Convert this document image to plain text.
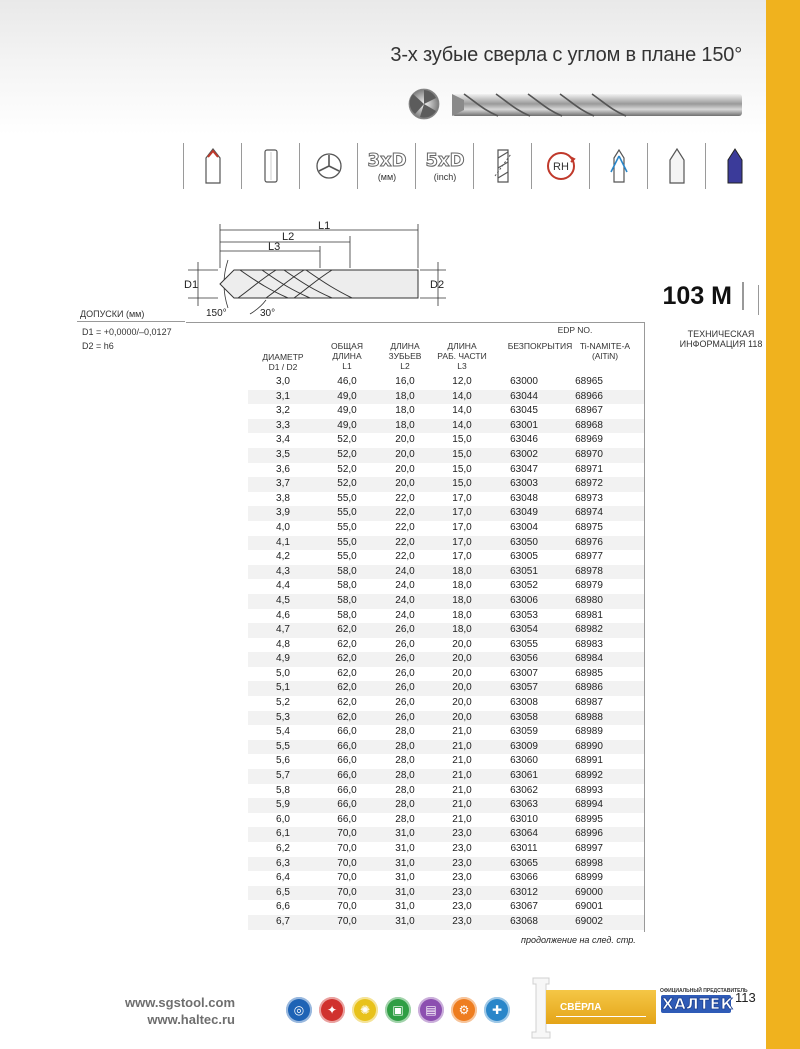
3-х зубые сверла с углом в плане 150°
3xD
(мм)
5xD
(inch)
RH
L1
L2
L3
D1	D2
150°	30°
103 M
ДОПУСКИ (мм)
D1 = +0,0000/–0,0127
D2 = h6
ТЕХНИЧЕСКАЯ
ИНФОРМАЦИЯ 118
ДИАМЕТР
D1 / D2
ОБЩАЯ
ДЛИНА
L1
ДЛИНА
ЗУБЬЕВ
L2
ДЛИНА
РАБ. ЧАСТИ
L3
EDP NO.
БЕЗПОКРЫТИЯ Ti-NAMITE-A
(AlTiN)
3,0	46,0	16,0	12,0	63000	68965
3,1	49,0	18,0	14,0	63044	68966
3,2	49,0	18,0	14,0	63045	68967
3,3	49,0	18,0	14,0	63001	68968
3,4	52,0	20,0	15,0	63046	68969
3,5	52,0	20,0	15,0	63002	68970
3,6	52,0	20,0	15,0	63047	68971
3,7	52,0	20,0	15,0	63003	68972
3,8	55,0	22,0	17,0	63048	68973
3,9	55,0	22,0	17,0	63049	68974
4,0	55,0	22,0	17,0	63004	68975
4,1	55,0	22,0	17,0	63050	68976
4,2	55,0	22,0	17,0	63005	68977
4,3	58,0	24,0	18,0	63051	68978
4,4	58,0	24,0	18,0	63052	68979
4,5	58,0	24,0	18,0	63006	68980
4,6	58,0	24,0	18,0	63053	68981
4,7	62,0	26,0	18,0	63054	68982
4,8	62,0	26,0	20,0	63055	68983
4,9	62,0	26,0	20,0	63056	68984
5,0	62,0	26,0	20,0	63007	68985
5,1	62,0	26,0	20,0	63057	68986
5,2	62,0	26,0	20,0	63008	68987
5,3	62,0	26,0	20,0	63058	68988
5,4	66,0	28,0	21,0	63059	68989
5,5	66,0	28,0	21,0	63009	68990
5,6	66,0	28,0	21,0	63060	68991
5,7	66,0	28,0	21,0	63061	68992
5,8	66,0	28,0	21,0	63062	68993
5,9	66,0	28,0	21,0	63063	68994
6,0	66,0	28,0	21,0	63010	68995
6,1	70,0	31,0	23,0	63064	68996
6,2	70,0	31,0	23,0	63011	68997
6,3	70,0	31,0	23,0	63065	68998
6,4	70,0	31,0	23,0	63066	68999
6,5	70,0	31,0	23,0	63012	69000
6,6	70,0	31,0	23,0	63067	69001
6,7	70,0	31,0	23,0	63068	69002
продолжение на след. стр.
www.sgstool.com
www.haltec.ru
◎	✦	✺	▣	▤	⚙	✚	СВЁРЛА
ОФИЦИАЛЬНЫЙ ПРЕДСТАВИТЕЛЬ
ХАЛТЕК 113
